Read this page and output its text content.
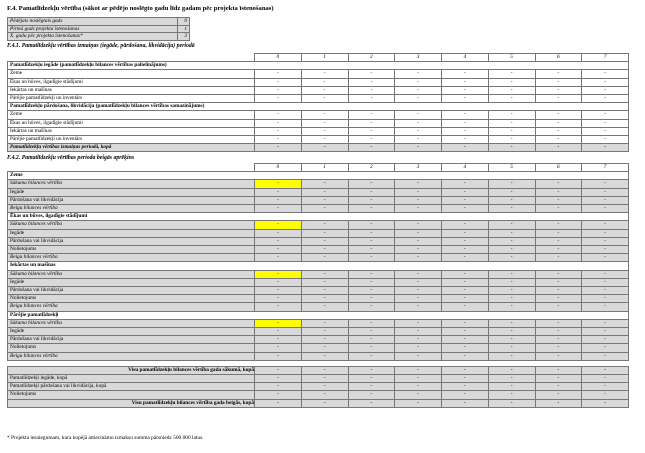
F.4. Pamatlīdzekļu vērtība (sākot ar pēdējo noslēgto gadu līdz gadam pēc projekta īstenošanas)
Pēdējais noslēgtais gads	0
Pirmā gads projekta īstenošanas	1
X. gadu pēc projekta īstenošanas*	3
F.4.1. Pamatlīdzekļu vērtības izmaiņas (iegāde, pārdošana, likvidācija) periodā
	0	1	2	3	4	5	6	7
Pamatlīdzekļu iegāde (pamatlīdzekļu bilances vērtības palielinājums)								
Zeme	-	-	-	-	-	-	-	-
Ēkas un būves, ilgadīgie stādījumi	-	-	-	-	-	-	-	-
Iekārtas un mašīnas	-	-	-	-	-	-	-	-
Pārējie pamatlīdzekļi un inventārs	-	-	-	-	-	-	-	-
Pamatlīdzekļu pārdošana, likvidācija (pamatlīdzekļu bilances vērtības samazinājums)								
Zeme	-	-	-	-	-	-	-	-
Ēkas un būves, ilgadīgie stādījumi	-	-	-	-	-	-	-	-
Iekārtas un mašīnas	-	-	-	-	-	-	-	-
Pārējie pamatlīdzekļi un inventārs	-	-	-	-	-	-	-	-
Pamatlīdzekļu vērtības izmaiņas periodā, kopā	-	-	-	-	-	-	-	-
F.4.2. Pamatlīdzekļu vērtības perioda beigās aprēķins
	0	1	2	3	4	5	6	7
Zeme								
Sākuma bilances vērtība	-	-	-	-	-	-	-	-
Iegāde	-	-	-	-	-	-	-	-
Pārdošana vai likvidācija	-	-	-	-	-	-	-	-
Beigu bilances vērtība	-	-	-	-	-	-	-	-
Ēkas un būves, ilgadīgie stādījumi								
Sākuma bilances vērtība	-	-	-	-	-	-	-	-
Iegāde	-	-	-	-	-	-	-	-
Pārdošana vai likvidācija	-	-	-	-	-	-	-	-
Nolietojums	-	-	-	-	-	-	-	-
Beigu bilances vērtība	-	-	-	-	-	-	-	-
Iekārtas un mašīnas								
Sākuma bilances vērtība	-	-	-	-	-	-	-	-
Iegāde	-	-	-	-	-	-	-	-
Pārdošana vai likvidācija	-	-	-	-	-	-	-	-
Nolietojums	-	-	-	-	-	-	-	-
Beigu bilances vērtība	-	-	-	-	-	-	-	-
Pārējie pamatlīdzekļi								
Sākuma bilances vērtība	-	-	-	-	-	-	-	-
Iegāde	-	-	-	-	-	-	-	-
Pārdošana vai likvidācija	-	-	-	-	-	-	-	-
Nolietojums	-	-	-	-	-	-	-	-
Beigu bilances vērtība	-	-	-	-	-	-	-	-

Visu pamatlīdzekļu bilances vērtība gada sākumā, kopā	-	-	-	-	-	-	-	-
Pamatlīdzekļi iegāde, kopā	-	-	-	-	-	-	-	-
Pamatlīdzekļi pārdošana vai likvidācija, kopā	-	-	-	-	-	-	-	-
Nolietojums	-	-	-	-	-	-	-	-
Visu pamatlīdzekļu bilances vērtība gada beigās, kopā	-	-	-	-	-	-	-	-
* Projekta iesniegumam, kura kopējā attiecināmo izmaksu summa pārsniedz 500 000 latus.
